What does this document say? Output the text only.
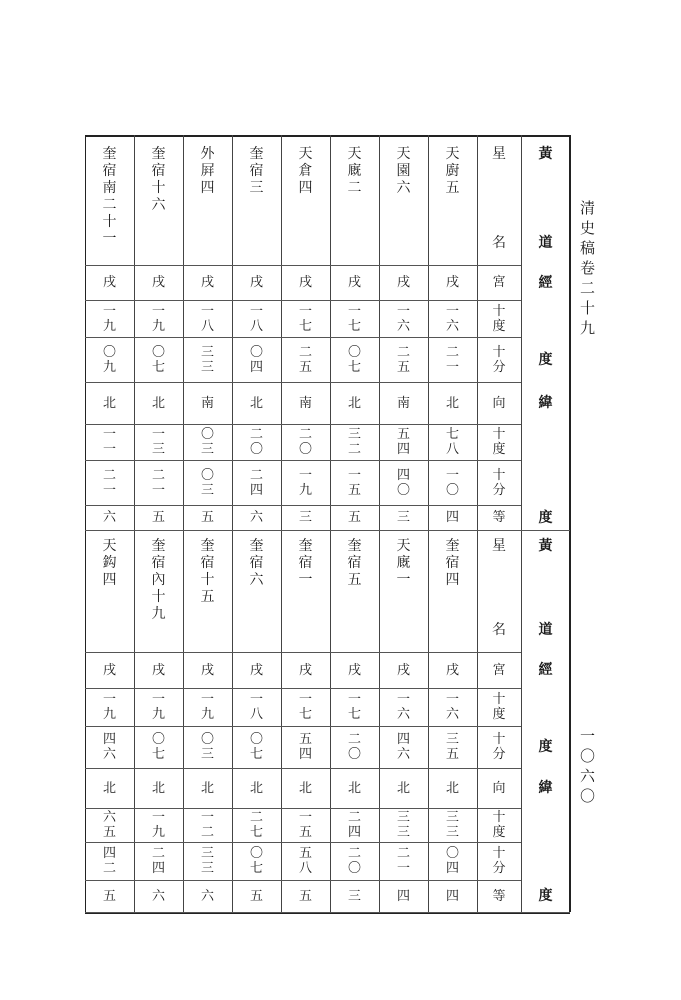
清
史
稿
卷
二
十
九
一
〇
六
〇
天
廚
五
戌
一
六
二
一
北
七
八
一
〇
四
天
園
六
戌
一
六
二
五
南
五
四
四
〇
三
天
廐
二
戌
一
七
〇
七
北
三
二
一
五
五
天
倉
四
戌
一
七
二
五
南
二
〇
一
九
三
奎
宿
三
戌
一
八
〇
四
北
二
〇
二
四
六
外
屛
四
戌
一
八
三
三
南
〇
三
〇
三
五
奎
宿
十
六
戌
一
九
〇
七
北
一
三
二
一
五
奎
宿
南
二
十
一
戌
一
九
〇
九
北
一
一
二
一
六
星
名
宮
十
度
十
分
向
十
度
十
分
等
黃
道
經
度
緯
度
奎
宿
四
戌
一
六
三
五
北
三
三
〇
四
四
天
廐
一
戌
一
六
四
六
北
三
三
二
一
四
奎
宿
五
戌
一
七
二
〇
北
二
四
二
〇
三
奎
宿
一
戌
一
七
五
四
北
一
五
五
八
五
奎
宿
六
戌
一
八
〇
七
北
二
七
〇
七
五
奎
宿
十
五
戌
一
九
〇
三
北
一
二
三
三
六
奎
宿
內
十
九
戌
一
九
〇
七
北
一
九
二
四
六
天
鈎
四
戌
一
九
四
六
北
六
五
四
二
五
星
名
宮
十
度
十
分
向
十
度
十
分
等
黃
道
經
度
緯
度
